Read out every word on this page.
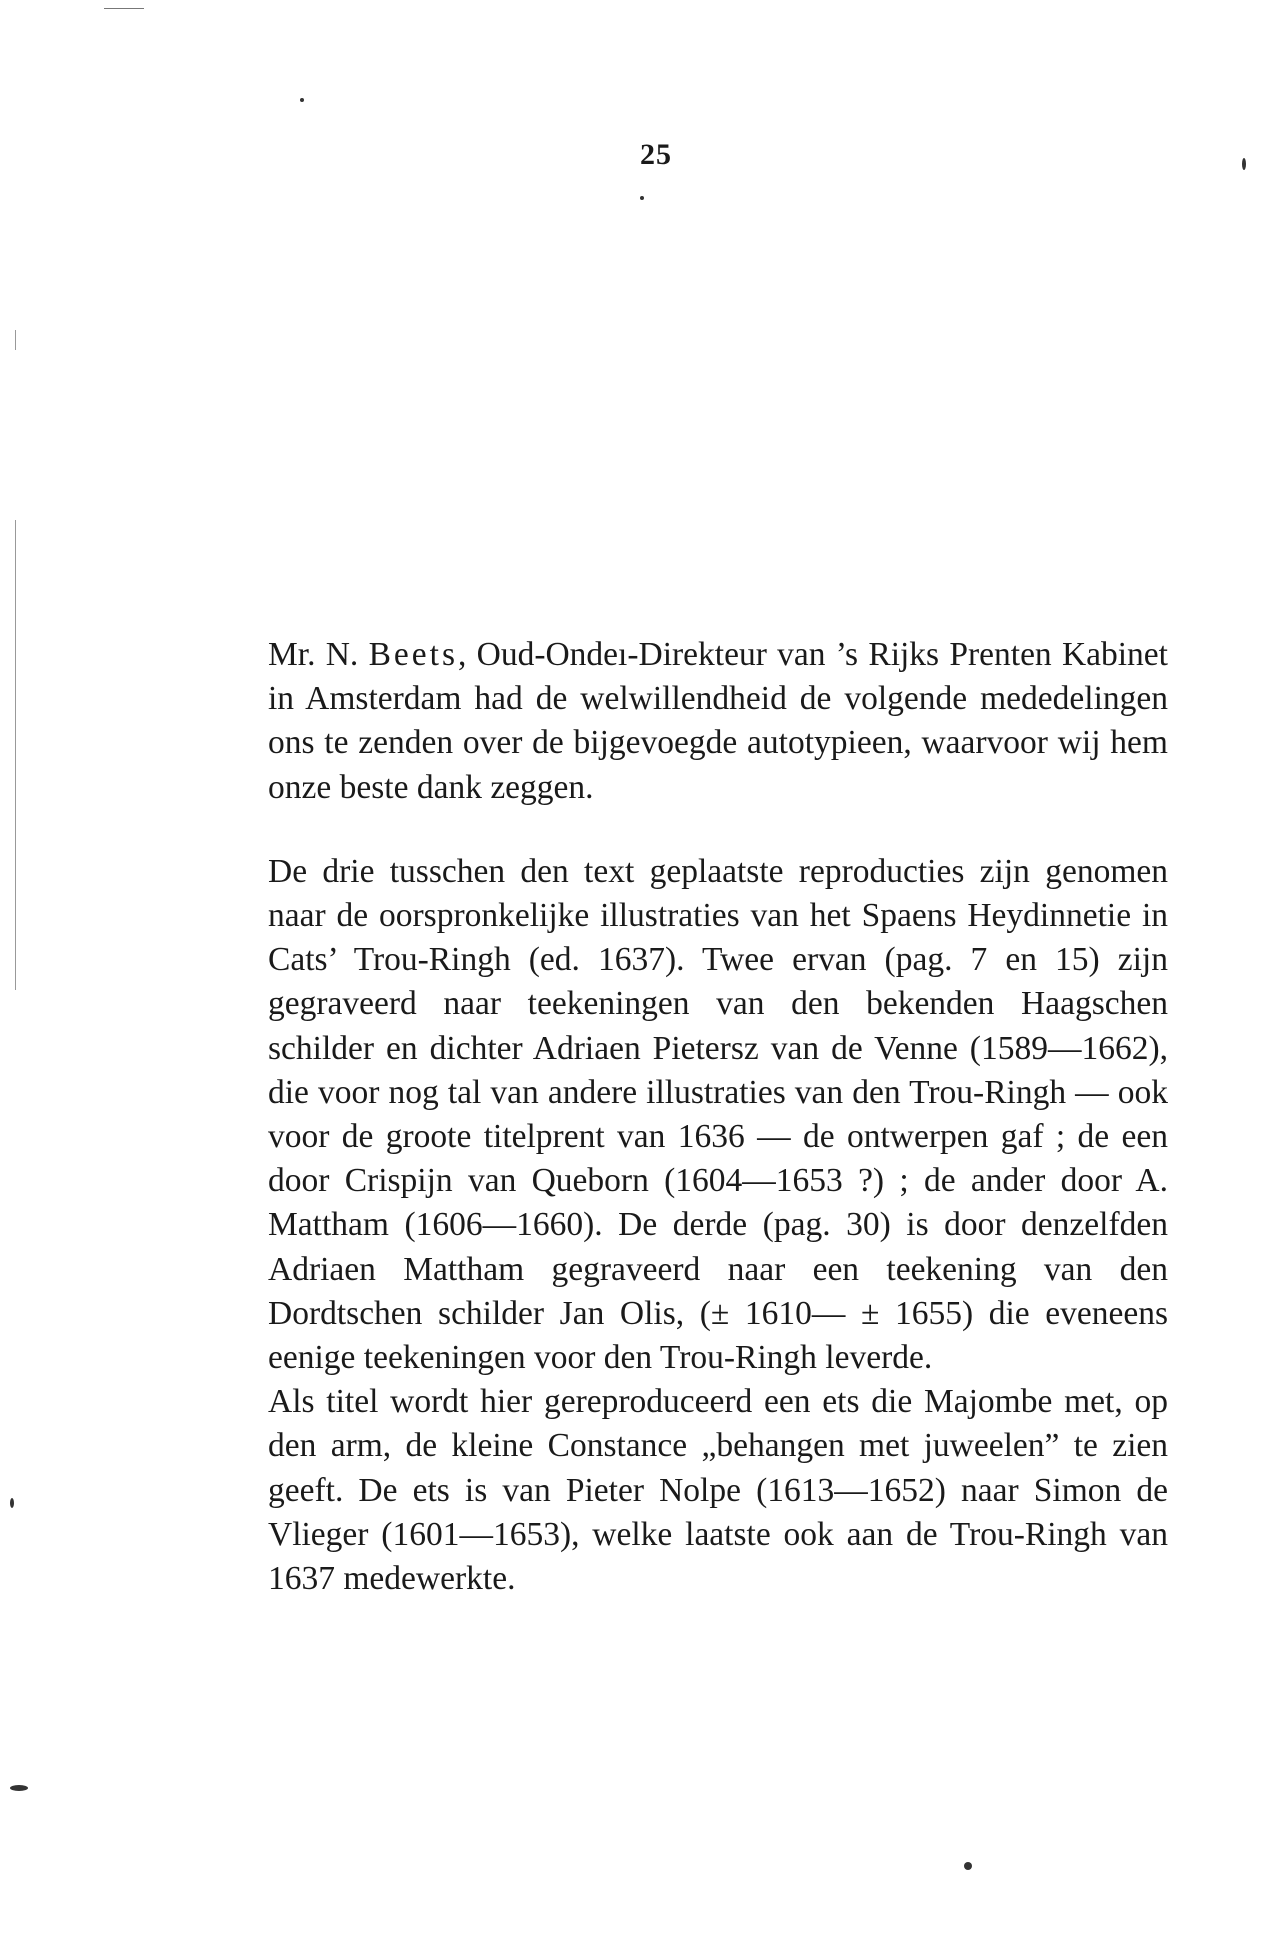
25

Mr. N. Beets, Oud-Ondeı-Direkteur van ’s Rijks Prenten Kabinet in Amsterdam had de welwillendheid de volgende mededelingen ons te zenden over de bijgevoegde autotypieen, waarvoor wij hem onze beste dank zeggen.

De drie tusschen den text geplaatste reproducties zijn genomen naar de oorspronkelijke illustraties van het Spaens Heydinnetie in Cats’ Trou-Ringh (ed. 1637). Twee ervan (pag. 7 en 15) zijn gegraveerd naar teekeningen van den bekenden Haagschen schilder en dichter Adriaen Pietersz van de Venne (1589—1662), die voor nog tal van andere illustraties van den Trou-Ringh — ook voor de groote titelprent van 1636 — de ontwerpen gaf ; de een door Crispijn van Queborn (1604—1653 ?) ; de ander door A. Mattham (1606—1660). De derde (pag. 30) is door denzelfden Adriaen Mattham gegraveerd naar een teekening van den Dordtschen schilder Jan Olis, (± 1610— ± 1655) die eveneens eenige teekeningen voor den Trou-Ringh leverde.

Als titel wordt hier gereproduceerd een ets die Majombe met, op den arm, de kleine Constance „behangen met juweelen” te zien geeft. De ets is van Pieter Nolpe (1613—1652) naar Simon de Vlieger (1601—1653), welke laatste ook aan de Trou-Ringh van 1637 medewerkte.
